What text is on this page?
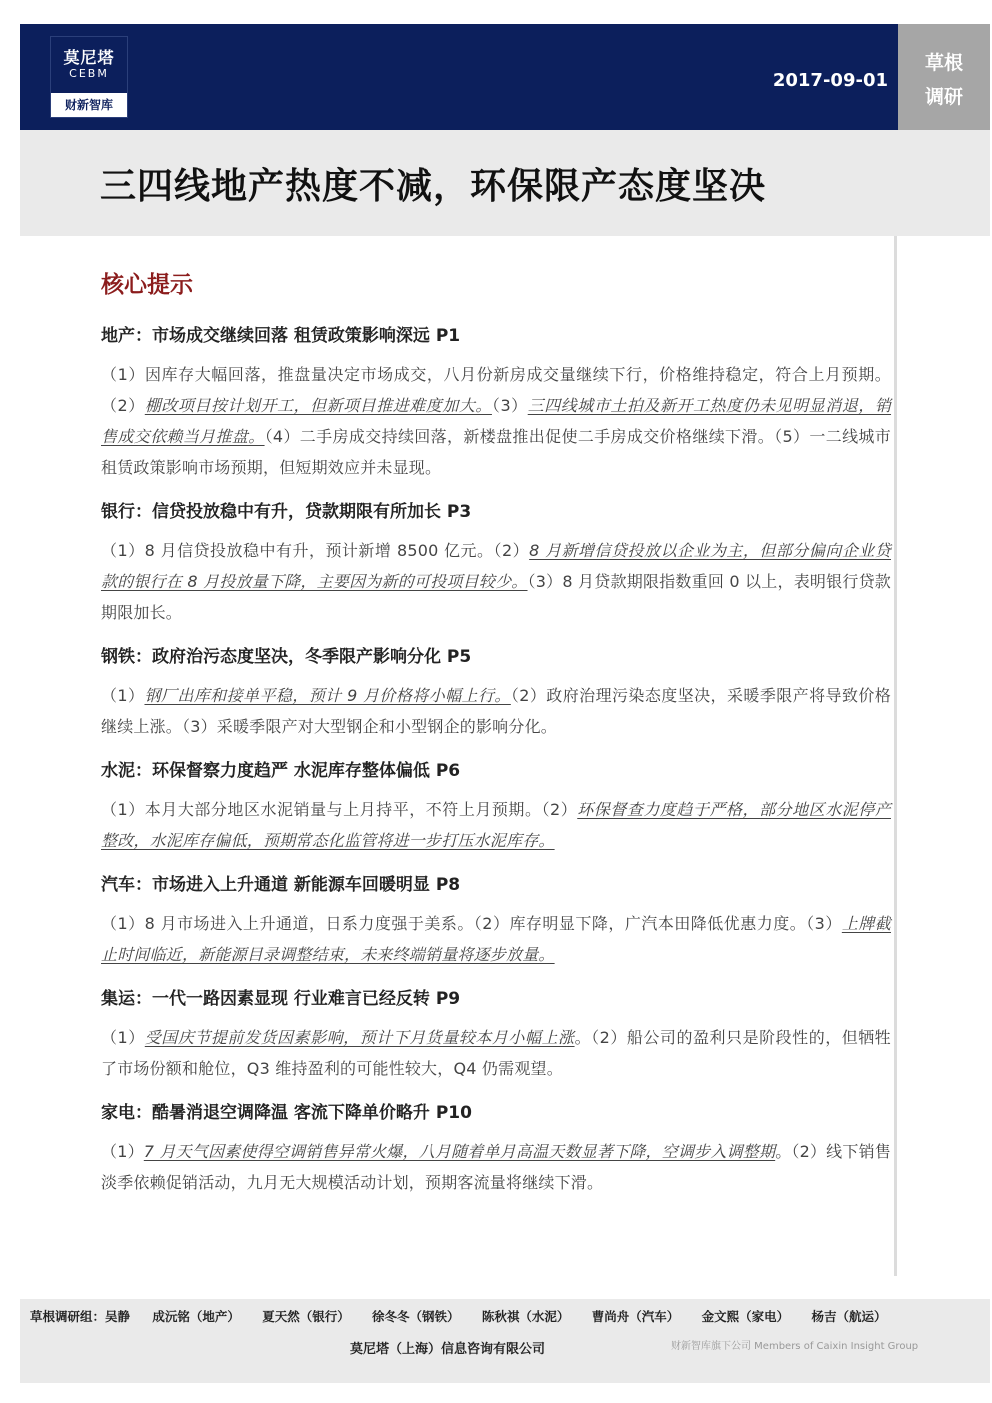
莫尼塔
CEBM
财新智库
2017-09-01
草根
调研
三四线地产热度不减，环保限产态度坚决
核心提示
地产：市场成交继续回落 租赁政策影响深远 P1
（1）因库存大幅回落，推盘量决定市场成交，八月份新房成交量继续下行，价格维持稳定，符合上月预期。（2）棚改项目按计划开工，但新项目推进难度加大。（3）三四线城市土拍及新开工热度仍未见明显消退，销售成交依赖当月推盘。（4）二手房成交持续回落，新楼盘推出促使二手房成交价格继续下滑。（5）一二线城市租赁政策影响市场预期，但短期效应并未显现。
银行：信贷投放稳中有升，贷款期限有所加长 P3
（1）8 月信贷投放稳中有升，预计新增 8500 亿元。（2）8 月新增信贷投放以企业为主，但部分偏向企业贷款的银行在 8 月投放量下降，主要因为新的可投项目较少。（3）8 月贷款期限指数重回 0 以上，表明银行贷款期限加长。
钢铁：政府治污态度坚决，冬季限产影响分化 P5
（1）钢厂出库和接单平稳，预计 9 月价格将小幅上行。（2）政府治理污染态度坚决，采暖季限产将导致价格继续上涨。（3）采暖季限产对大型钢企和小型钢企的影响分化。
水泥：环保督察力度趋严 水泥库存整体偏低 P6
（1）本月大部分地区水泥销量与上月持平，不符上月预期。（2）环保督查力度趋于严格，部分地区水泥停产整改，水泥库存偏低，预期常态化监管将进一步打压水泥库存。
汽车：市场进入上升通道 新能源车回暖明显 P8
（1）8 月市场进入上升通道，日系力度强于美系。（2）库存明显下降，广汽本田降低优惠力度。（3）上牌截止时间临近，新能源目录调整结束，未来终端销量将逐步放量。
集运：一代一路因素显现 行业难言已经反转 P9
（1）受国庆节提前发货因素影响，预计下月货量较本月小幅上涨。（2）船公司的盈利只是阶段性的，但牺牲了市场份额和舱位，Q3 维持盈利的可能性较大，Q4 仍需观望。
家电：酷暑消退空调降温 客流下降单价略升 P10
（1）7 月天气因素使得空调销售异常火爆，八月随着单月高温天数显著下降，空调步入调整期。（2）线下销售淡季依赖促销活动，九月无大规模活动计划，预期客流量将继续下滑。
草根调研组：吴静 成沅铭（地产） 夏天然（银行） 徐冬冬（钢铁） 陈秋祺（水泥） 曹尚舟（汽车） 金文熙（家电） 杨吉（航运）
莫尼塔（上海）信息咨询有限公司	财新智库旗下公司 Members of Caixin Insight Group
